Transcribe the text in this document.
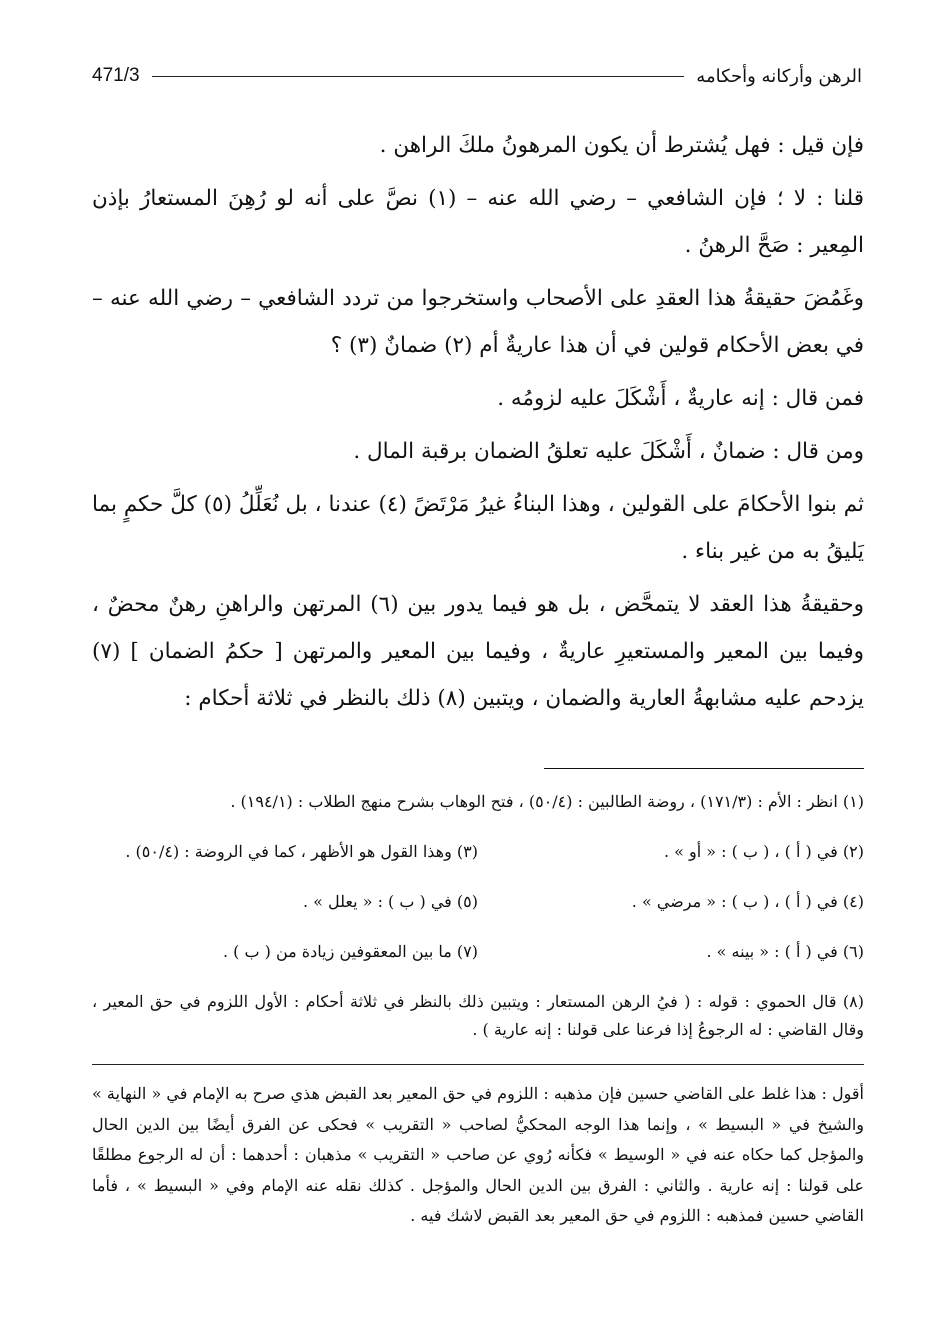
الرهن وأركانه وأحكامه
471/3

فإن قيل : فهل يُشترط أن يكون المرهونُ ملكَ الراهن .

قلنا : لا ؛ فإن الشافعي – رضي الله عنه – (١) نصَّ على أنه لو رُهِنَ المستعارُ بإذن المِعير : صَحَّ الرهنُ .

وغَمُضَ حقيقةُ هذا العقدِ على الأصحاب واستخرجوا من تردد الشافعي – رضي الله عنه – في بعض الأحكام قولين في أن هذا عاريةٌ أم (٢) ضمانٌ (٣) ؟

فمن قال : إنه عاريةٌ ، أَشْكَلَ عليه لزومُه .

ومن قال : ضمانٌ ، أَشْكَلَ عليه تعلقُ الضمان برقبة المال .

ثم بنوا الأحكامَ على القولين ، وهذا البناءُ غيرُ مَرْتَضً (٤) عندنا ، بل نُعَلِّلُ (٥) كلَّ حكمٍ بما يَليقُ به من غير بناء .

وحقيقةُ هذا العقد لا يتمحَّض ، بل هو فيما يدور بين (٦) المرتهن والراهنِ رهنٌ محضٌ ، وفيما بين المعير والمستعيرِ عاريةٌ ، وفيما بين المعير والمرتهن [ حكمُ الضمان ] (٧) يزدحم عليه مشابهةُ العارية والضمان ، ويتبين (٨) ذلك بالنظر في ثلاثة أحكام :

(١) انظر : الأم : (١٧١/٣) ، روضة الطالبين : (٥٠/٤) ، فتح الوهاب بشرح منهج الطلاب : (١٩٤/١) .
(٢) في ( أ ) ، ( ب ) : « أو » .
(٣) وهذا القول هو الأظهر ، كما في الروضة : (٥٠/٤) .
(٤) في ( أ ) ، ( ب ) : « مرضي » .
(٥) في ( ب ) : « يعلل » .
(٦) في ( أ ) : « بينه » .
(٧) ما بين المعقوفين زيادة من ( ب ) .
(٨) قال الحموي : قوله : ( فيُ الرهن المستعار : ويتبين ذلك بالنظر في ثلاثة أحكام : الأول اللزوم في حق المعير ، وقال القاضي : له الرجوعُ إذا فرعنا على قولنا : إنه عارية ) .
أقول : هذا غلط على القاضي حسين فإن مذهبه : اللزوم في حق المعير بعد القبض هذي صرح به الإمام في « النهاية » والشيخ في « البسيط » ، وإنما هذا الوجه المحكيُّ لصاحب « التقريب » فحكى عن الفرق أيضًا بين الدين الحال والمؤجل كما حكاه عنه في « الوسيط » فكأنه رُوي عن صاحب « التقريب » مذهبان : أحدهما : أن له الرجوع مطلقًا على قولنا : إنه عارية . والثاني : الفرق بين الدين الحال والمؤجل . كذلك نقله عنه الإمام وفي « البسيط » ، فأما القاضي حسين فمذهبه : اللزوم في حق المعير بعد القبض لاشك فيه .
